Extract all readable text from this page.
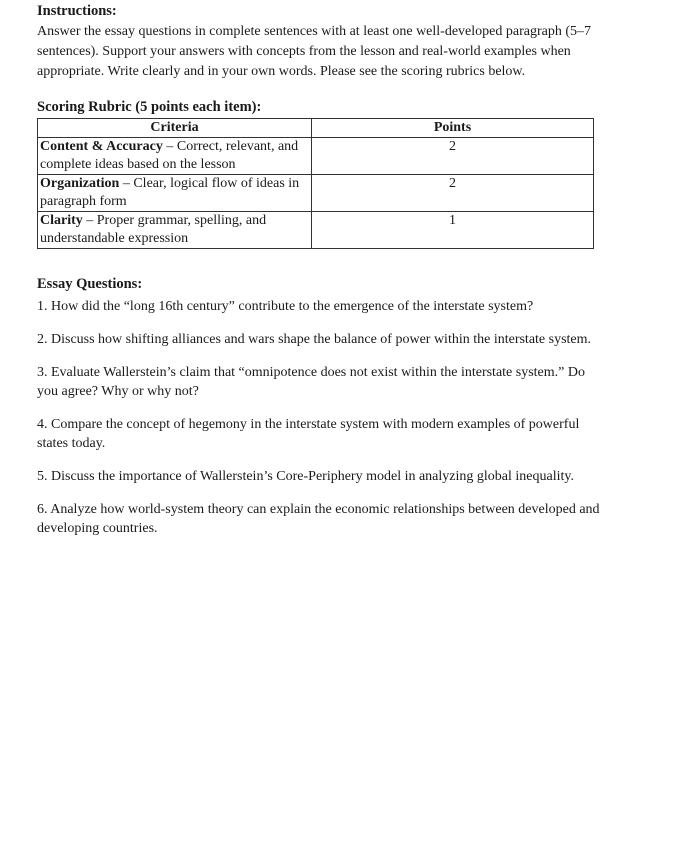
Instructions:

Answer the essay questions in complete sentences with at least one well-developed paragraph (5–7 sentences). Support your answers with concepts from the lesson and real-world examples when appropriate. Write clearly and in your own words. Please see the scoring rubrics below.

Scoring Rubric (5 points each item):

Criteria	Points
Content & Accuracy – Correct, relevant, and complete ideas based on the lesson	2
Organization – Clear, logical flow of ideas in paragraph form	2
Clarity – Proper grammar, spelling, and understandable expression	1

Essay Questions:

1. How did the “long 16th century” contribute to the emergence of the interstate system?

2. Discuss how shifting alliances and wars shape the balance of power within the interstate system.

3. Evaluate Wallerstein’s claim that “omnipotence does not exist within the interstate system.” Do you agree? Why or why not?

4. Compare the concept of hegemony in the interstate system with modern examples of powerful states today.

5. Discuss the importance of Wallerstein’s Core-Periphery model in analyzing global inequality.

6. Analyze how world-system theory can explain the economic relationships between developed and developing countries.
